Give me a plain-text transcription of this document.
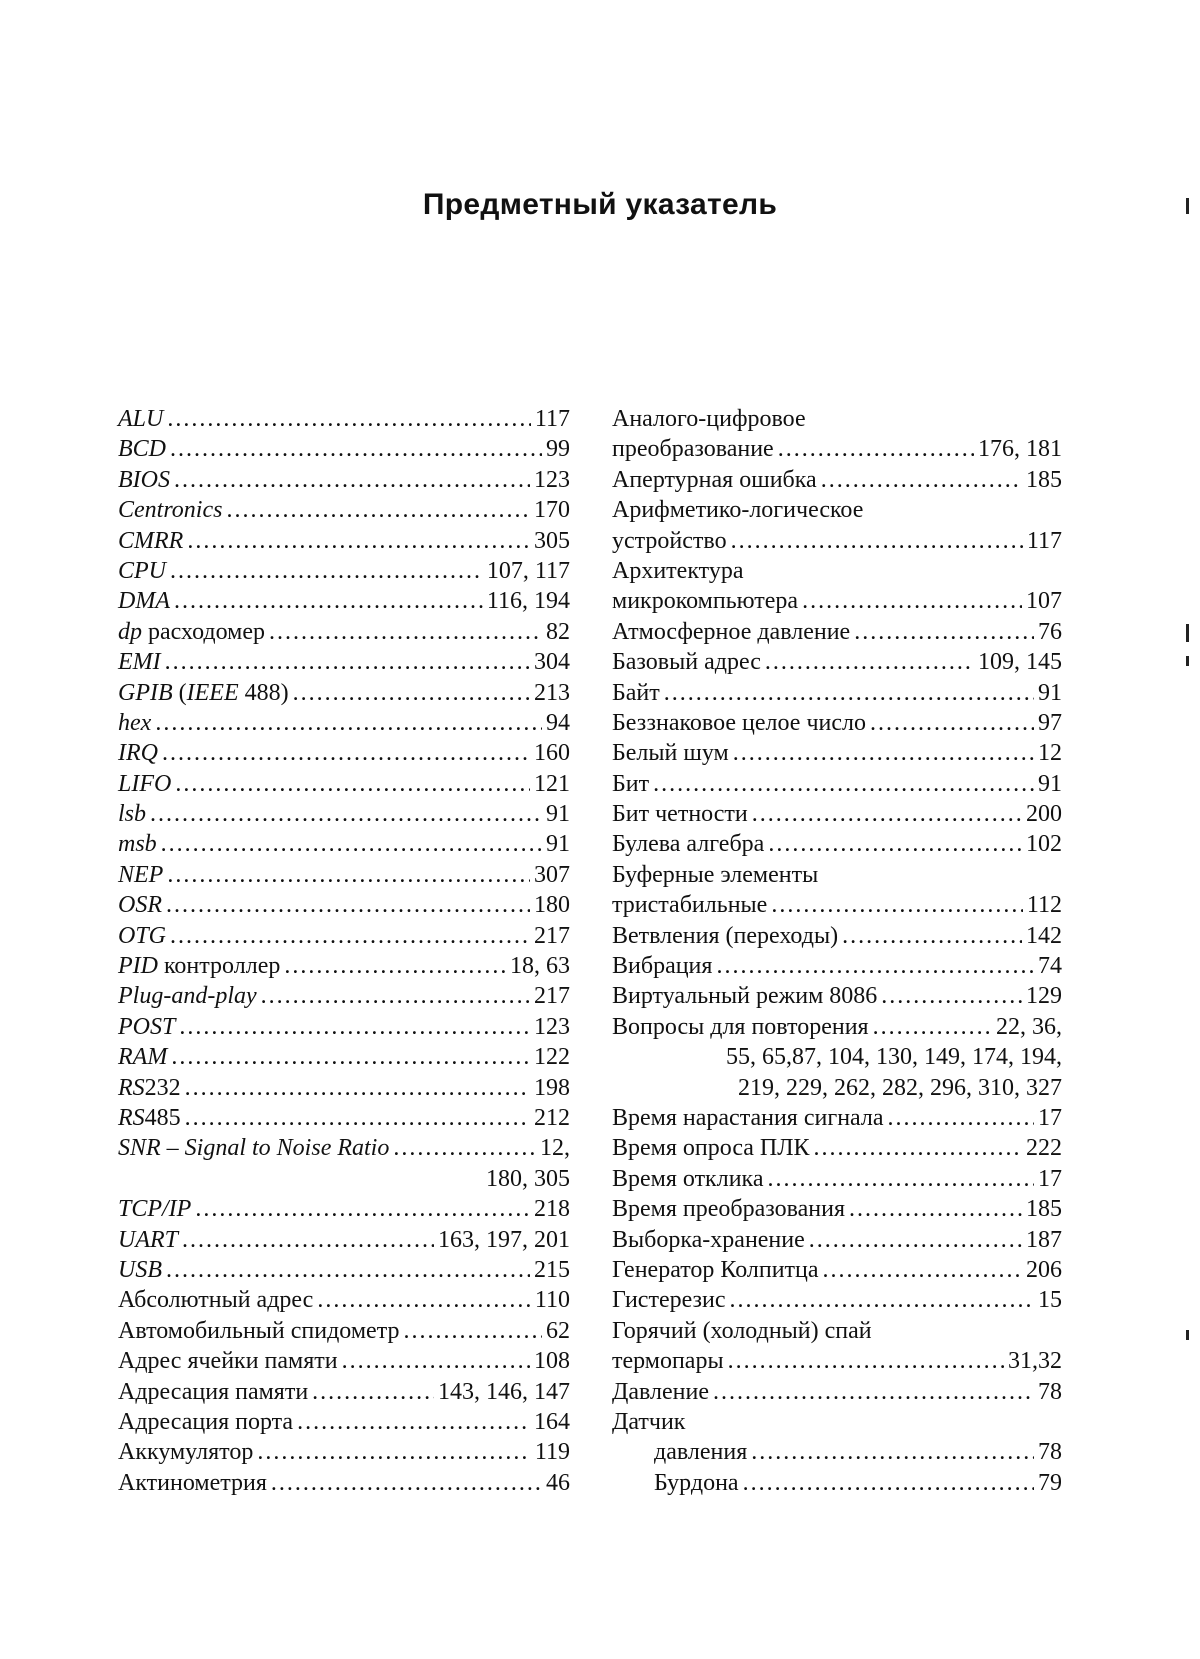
Предметный указатель
ALU . . .	117
BCD . . .	99
BIOS . . .	123
Centronics . . .	170
CMRR . . .	305
CPU . . .	107, 117
DMA . . .	116, 194
dp расходомер . . .	82
EMI . . .	304
GPIB (IEEE 488) . . .	213
hex . . .	94
IRQ . . .	160
LIFO . . .	121
lsb . . .	91
msb . . .	91
NEP . . .	307
OSR . . .	180
OTG . . .	217
PID контроллер . . .	18, 63
Plug-and-play . . .	217
POST . . .	123
RAM . . .	122
RS232 . . .	198
RS485 . . .	212
SNR – Signal to Noise Ratio . . .	12,
180, 305
TCP/IP . . .	218
UART . . .	163, 197, 201
USB . . .	215
Абсолютный адрес . . .	110
Автомобильный спидометр . . .	62
Адрес ячейки памяти . . .	108
Адресация памяти . . .	143, 146, 147
Адресация порта . . .	164
Аккумулятор . . .	119
Актинометрия . . .	46
Аналого-цифровое
преобразование . . .	176, 181
Апертурная ошибка . . .	185
Арифметико-логическое
устройство . . .	117
Архитектура
микрокомпьютера . . .	107
Атмосферное давление . . .	76
Базовый адрес . . .	109, 145
Байт . . .	91
Беззнаковое целое число . . .	97
Белый шум . . .	12
Бит . . .	91
Бит четности . . .	200
Булева алгебра . . .	102
Буферные элементы
тристабильные . . .	112
Ветвления (переходы) . . .	142
Вибрация . . .	74
Виртуальный режим 8086 . . .	129
Вопросы для повторения . . .	22, 36,
55, 65,87, 104, 130, 149, 174, 194,
219, 229, 262, 282, 296, 310, 327
Время нарастания сигнала . . .	17
Время опроса ПЛК . . .	222
Время отклика . . .	17
Время преобразования . . .	185
Выборка-хранение . . .	187
Генератор Колпитца . . .	206
Гистерезис . . .	15
Горячий (холодный) спай
термопары . . .	31,32
Давление . . .	78
Датчик
давления . . .	78
Бурдона . . .	79
